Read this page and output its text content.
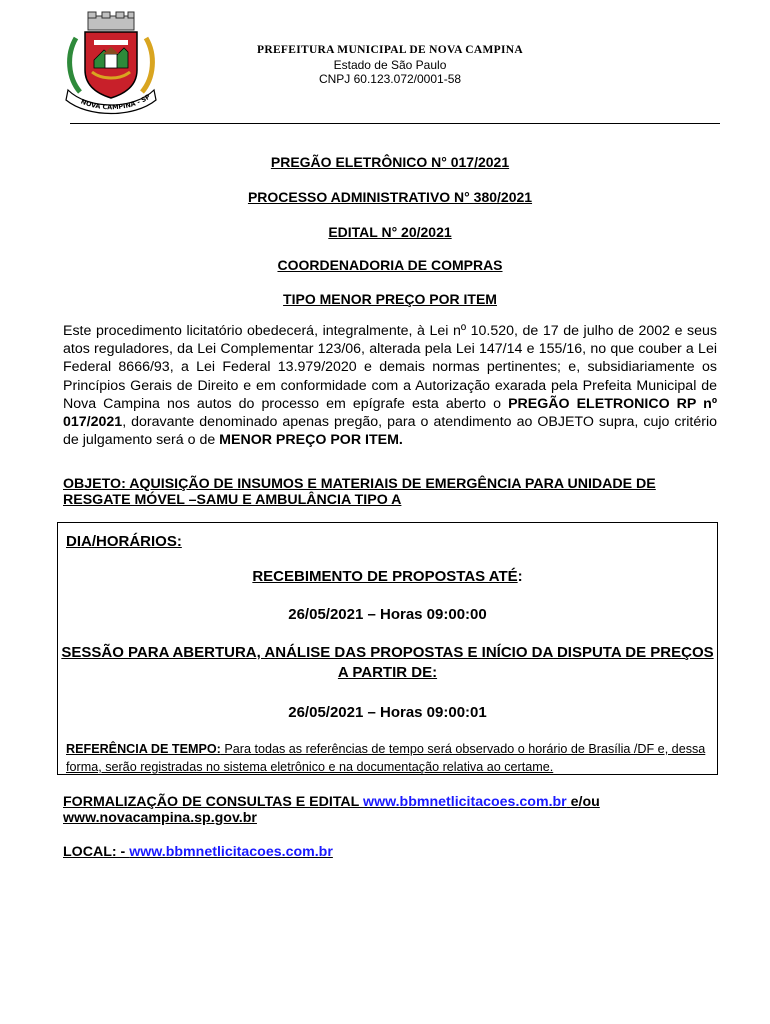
NOVA CAMPINA - SP
PREFEITURA MUNICIPAL DE NOVA CAMPINA
Estado de São Paulo
CNPJ 60.123.072/0001-58
PREGÃO ELETRÔNICO N° 017/2021
PROCESSO ADMINISTRATIVO N° 380/2021
EDITAL N° 20/2021
COORDENADORIA DE COMPRAS
TIPO MENOR PREÇO POR ITEM
Este procedimento licitatório obedecerá, integralmente, à Lei nº 10.520, de 17 de julho de 2002 e seus atos reguladores, da Lei Complementar 123/06, alterada pela Lei 147/14 e 155/16, no que couber a Lei Federal 8666/93, a Lei Federal 13.979/2020 e demais normas pertinentes; e, subsidiariamente os Princípios Gerais de Direito e em conformidade com a Autorização exarada pela Prefeita Municipal de Nova Campina nos autos do processo em epígrafe esta aberto o PREGÃO ELETRONICO RP nº 017/2021, doravante denominado apenas pregão, para o atendimento ao OBJETO supra, cujo critério de julgamento será o de MENOR PREÇO POR ITEM.
OBJETO: AQUISIÇÃO DE INSUMOS E MATERIAIS DE EMERGÊNCIA PARA UNIDADE DE RESGATE MÓVEL –SAMU E AMBULÂNCIA TIPO A
DIA/HORÁRIOS:
RECEBIMENTO DE PROPOSTAS ATÉ:
26/05/2021 – Horas 09:00:00
SESSÃO PARA ABERTURA, ANÁLISE DAS PROPOSTAS E INÍCIO DA DISPUTA DE PREÇOS
A PARTIR DE:
26/05/2021 – Horas 09:00:01
REFERÊNCIA DE TEMPO: Para todas as referências de tempo será observado o horário de Brasília /DF e, dessa forma, serão registradas no sistema eletrônico e na documentação relativa ao certame.
FORMALIZAÇÃO DE CONSULTAS E EDITAL www.bbmnetlicitacoes.com.br e/ou
www.novacampina.sp.gov.br
LOCAL: - www.bbmnetlicitacoes.com.br
